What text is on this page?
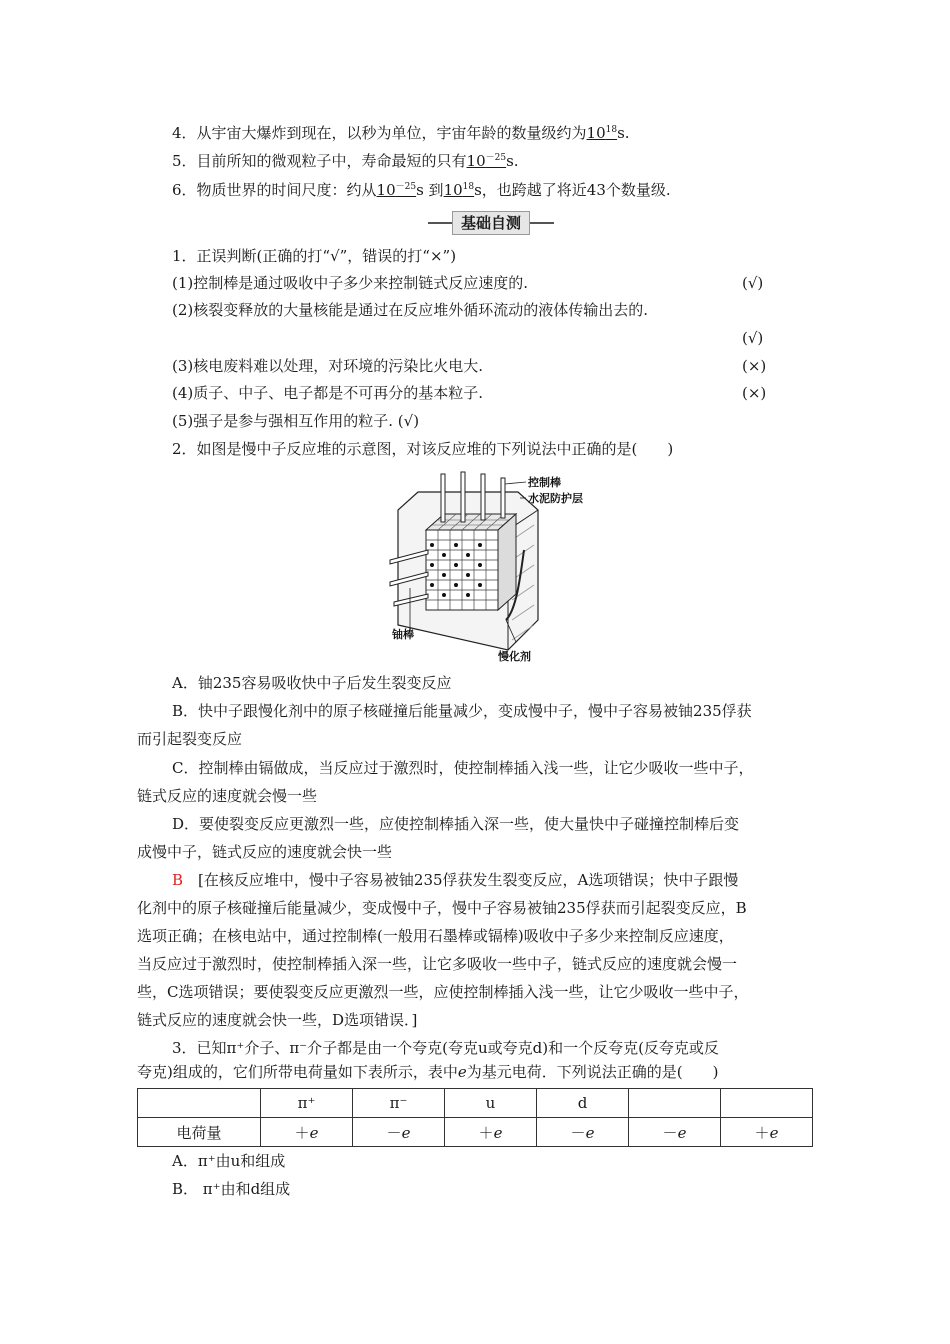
4．从宇宙大爆炸到现在，以秒为单位，宇宙年龄的数量级约为$10^{18}s$.
5．目前所知的微观粒子中，寿命最短的只有$10^{-25}s$.
6．物质世界的时间尺度：约从$10^{-25}s$ 到$10^{18}s$，也跨越了将近43个数量级.
基础自测
1．正误判断(正确的打“√”，错误的打“×”)
(1)控制棒是通过吸收中子多少来控制链式反应速度的.	(√)
(2)核裂变释放的大量核能是通过在反应堆外循环流动的液体传输出去的.
(√)
(3)核电废料难以处理，对环境的污染比火电大.	(×)
(4)质子、中子、电子都是不可再分的基本粒子.	(×)
(5)强子是参与强相互作用的粒子. (√)
2．如图是慢中子反应堆的示意图，对该反应堆的下列说法中正确的是(　　)
控制棒
水泥防护层
铀棒
慢化剂
A．铀235容易吸收快中子后发生裂变反应
B．快中子跟慢化剂中的原子核碰撞后能量减少，变成慢中子，慢中子容易被铀235俘获
而引起裂变反应
C．控制棒由镉做成，当反应过于激烈时，使控制棒插入浅一些，让它少吸收一些中子，
链式反应的速度就会慢一些
D．要使裂变反应更激烈一些，应使控制棒插入深一些，使大量快中子碰撞控制棒后变
成慢中子，链式反应的速度就会快一些
B　 [在核反应堆中，慢中子容易被铀235俘获发生裂变反应，A选项错误；快中子跟慢
化剂中的原子核碰撞后能量减少，变成慢中子，慢中子容易被铀235俘获而引起裂变反应，B
选项正确；在核电站中，通过控制棒(一般用石墨棒或镉棒)吸收中子多少来控制反应速度，
当反应过于激烈时，使控制棒插入深一些，让它多吸收一些中子，链式反应的速度就会慢一
些，C选项错误；要使裂变反应更激烈一些，应使控制棒插入浅一些，让它少吸收一些中子，
链式反应的速度就会快一些，D选项错误．]
3．已知π⁺介子、π⁻介子都是由一个夸克(夸克u或夸克d)和一个反夸克(反夸克或反
夸克)组成的，它们所带电荷量如下表所示，表中e为基元电荷．下列说法正确的是(　　)
	π⁺	π⁻	u	d		
电荷量	＋e	－e	＋e	－e	－e	＋e
A．π⁺由u和组成
B． π⁺由和d组成
